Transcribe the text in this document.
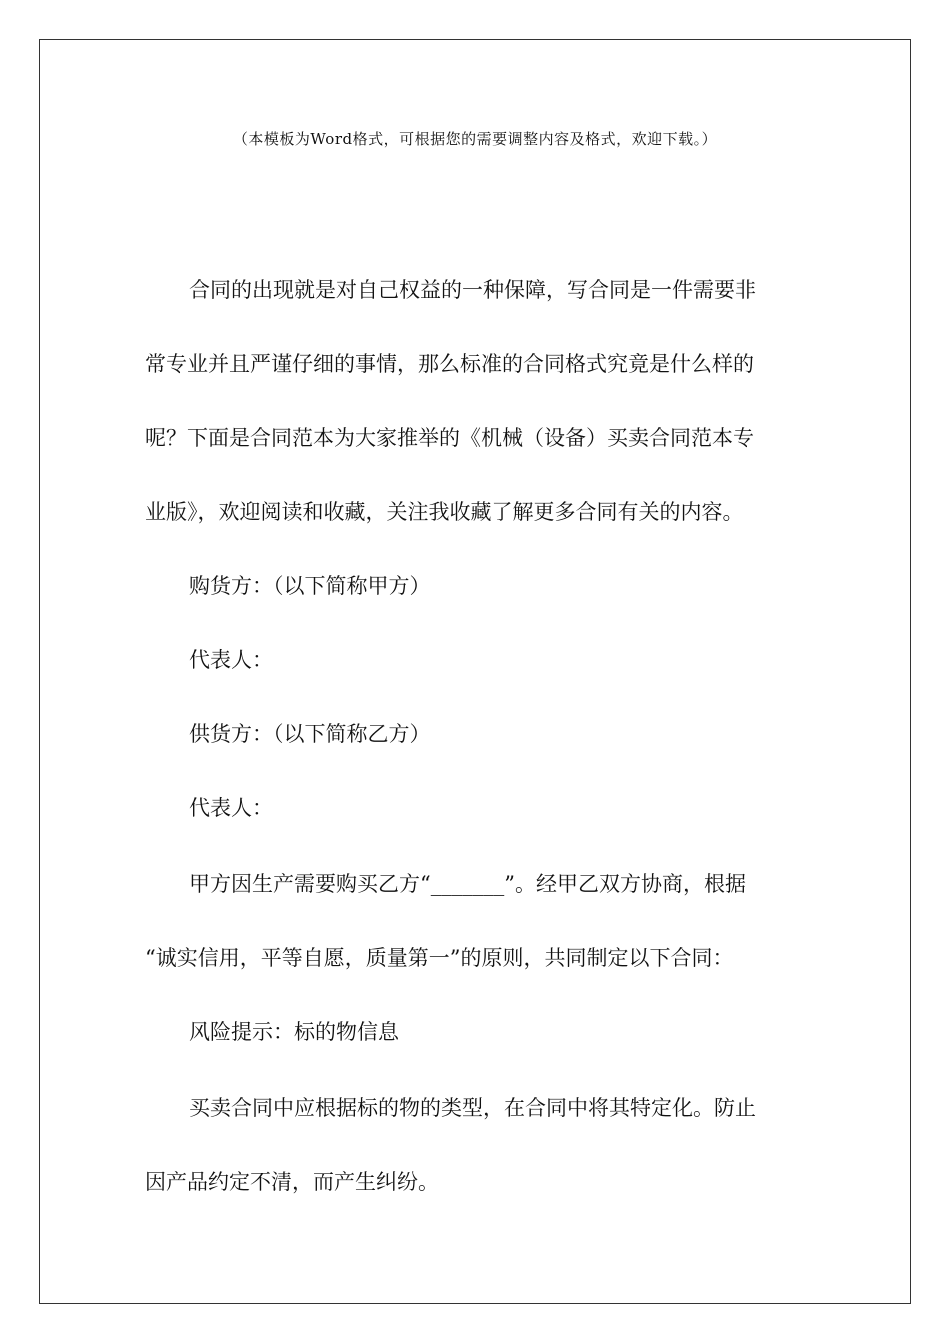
（本模板为Word格式，可根据您的需要调整内容及格式，欢迎下载。）
合同的出现就是对自己权益的一种保障，写合同是一件需要非
常专业并且严谨仔细的事情，那么标准的合同格式究竟是什么样的
呢？下面是合同范本为大家推举的《机械（设备）买卖合同范本专
业版》，欢迎阅读和收藏，关注我收藏了解更多合同有关的内容。
购货方：（以下简称甲方）
代表人：
供货方：（以下简称乙方）
代表人：
甲方因生产需要购买乙方“_______”。经甲乙双方协商，根据
“诚实信用，平等自愿，质量第一”的原则，共同制定以下合同：
风险提示：标的物信息
买卖合同中应根据标的物的类型，在合同中将其特定化。防止
因产品约定不清，而产生纠纷。
